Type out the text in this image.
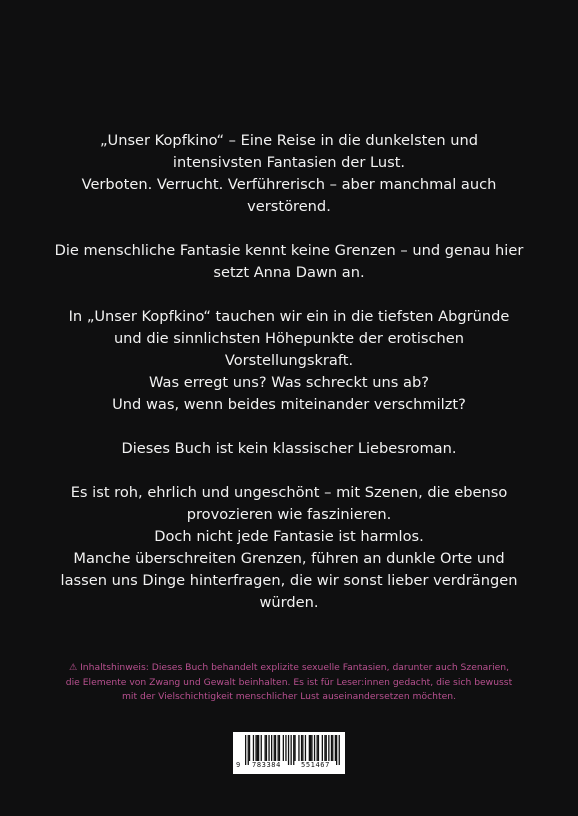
„Unser Kopfkino“ – Eine Reise in die dunkelsten und
intensivsten Fantasien der Lust.
Verboten. Verrucht. Verführerisch – aber manchmal auch
verstörend.

Die menschliche Fantasie kennt keine Grenzen – und genau hier
setzt Anna Dawn an.

In „Unser Kopfkino“ tauchen wir ein in die tiefsten Abgründe
und die sinnlichsten Höhepunkte der erotischen
Vorstellungskraft.
Was erregt uns? Was schreckt uns ab?
Und was, wenn beides miteinander verschmilzt?

Dieses Buch ist kein klassischer Liebesroman.

Es ist roh, ehrlich und ungeschönt – mit Szenen, die ebenso
provozieren wie faszinieren.
Doch nicht jede Fantasie ist harmlos.
Manche überschreiten Grenzen, führen an dunkle Orte und
lassen uns Dinge hinterfragen, die wir sonst lieber verdrängen
würden.

⚠ Inhaltshinweis: Dieses Buch behandelt explizite sexuelle Fantasien, darunter auch Szenarien,
die Elemente von Zwang und Gewalt beinhalten. Es ist für Leser:innen gedacht, die sich bewusst
mit der Vielschichtigkeit menschlicher Lust auseinandersetzen möchten.
9 783384	551467
